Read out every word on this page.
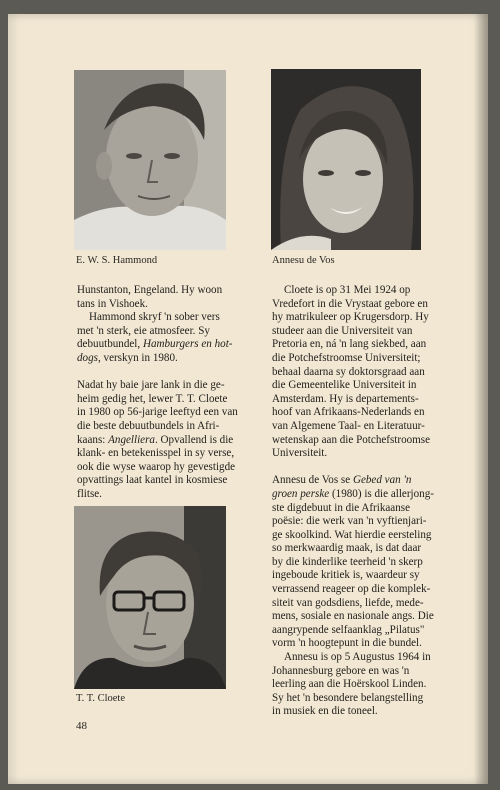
E. W. S. Hammond	Annesu de Vos

Hunstanton, Engeland. Hy woon
tans in Vishoek.

Hammond skryf 'n sober vers
met 'n sterk, eie atmosfeer. Sy
debuutbundel, Hamburgers en hot-
dogs, verskyn in 1980.

Nadat hy baie jare lank in die ge-
heim gedig het, lewer T. T. Cloete
in 1980 op 56-jarige leeftyd een van
die beste debuutbundels in Afri-
kaans: Angelliera. Opvallend is die
klank- en betekenisspel in sy verse,
ook die wyse waarop hy gevestigde
opvattings laat kantel in kosmiese
flitse.

T. T. Cloete

Cloete is op 31 Mei 1924 op
Vredefort in die Vrystaat gebore en
hy matrikuleer op Krugersdorp. Hy
studeer aan die Universiteit van
Pretoria en, ná 'n lang siekbed, aan
die Potchefstroomse Universiteit;
behaal daarna sy doktorsgraad aan
die Gemeentelike Universiteit in
Amsterdam. Hy is departements-
hoof van Afrikaans-Nederlands en
van Algemene Taal- en Literatuur-
wetenskap aan die Potchefstroomse
Universiteit.

Annesu de Vos se Gebed van 'n
groen perske (1980) is die allerjong-
ste digdebuut in die Afrikaanse
poësie: die werk van 'n vyftienjari-
ge skoolkind. Wat hierdie eersteling
so merkwaardig maak, is dat daar
by die kinderlike teerheid 'n skerp
ingeboude kritiek is, waardeur sy
verrassend reageer op die komplek-
siteit van godsdiens, liefde, mede-
mens, sosiale en nasionale angs. Die
aangrypende selfaanklag „Pilatus"
vorm 'n hoogtepunt in die bundel.

Annesu is op 5 Augustus 1964 in
Johannesburg gebore en was 'n
leerling aan die Hoërskool Linden.
Sy het 'n besondere belangstelling
in musiek en die toneel.

48
